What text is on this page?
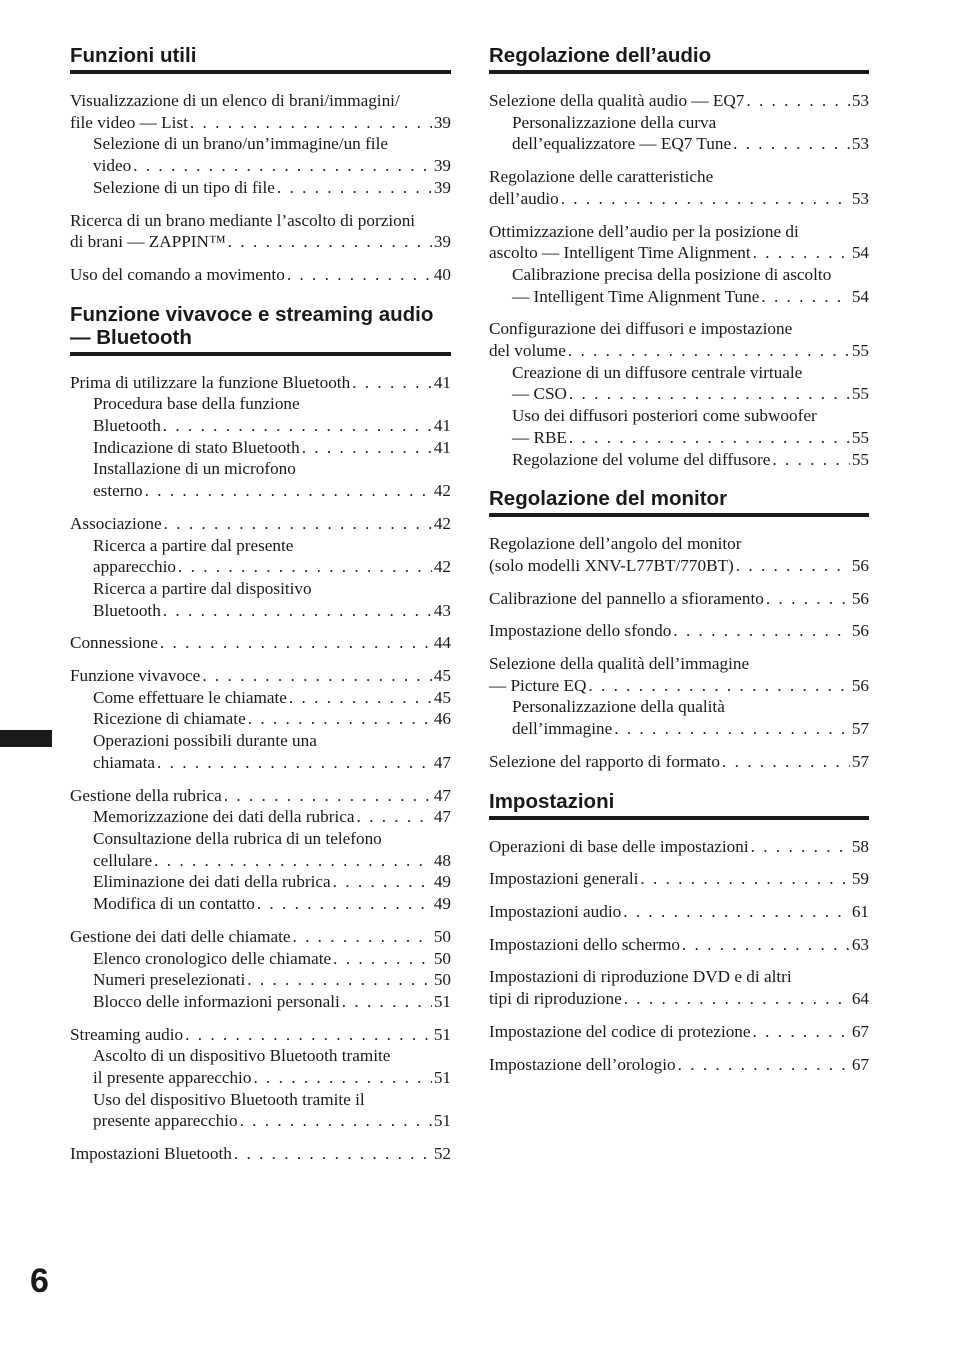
Funzioni utili
Visualizzazione di un elenco di brani/immagini/
file video — List . . .	39
Selezione di un brano/un’immagine/un file
video . . .	39
Selezione di un tipo di file . . .	39
Ricerca di un brano mediante l’ascolto di porzioni
di brani — ZAPPIN™ . . .	39
Uso del comando a movimento . . .	40
Funzione vivavoce e streaming audio — Bluetooth
Prima di utilizzare la funzione Bluetooth . . .	41
Procedura base della funzione
Bluetooth . . .	41
Indicazione di stato Bluetooth . . .	41
Installazione di un microfono
esterno . . .	42
Associazione . . .	42
Ricerca a partire dal presente
apparecchio . . .	42
Ricerca a partire dal dispositivo
Bluetooth . . .	43
Connessione . . .	44
Funzione vivavoce . . .	45
Come effettuare le chiamate . . .	45
Ricezione di chiamate . . .	46
Operazioni possibili durante una
chiamata . . .	47
Gestione della rubrica . . .	47
Memorizzazione dei dati della rubrica . . .	47
Consultazione della rubrica di un telefono
cellulare . . .	48
Eliminazione dei dati della rubrica . . .	49
Modifica di un contatto . . .	49
Gestione dei dati delle chiamate . . .	50
Elenco cronologico delle chiamate . . .	50
Numeri preselezionati . . .	50
Blocco delle informazioni personali . . .	51
Streaming audio . . .	51
Ascolto di un dispositivo Bluetooth tramite
il presente apparecchio . . .	51
Uso del dispositivo Bluetooth tramite il
presente apparecchio . . .	51
Impostazioni Bluetooth . . .	52
Regolazione dell’audio
Selezione della qualità audio — EQ7 . . .	53
Personalizzazione della curva
dell’equalizzatore — EQ7 Tune . . .	53
Regolazione delle caratteristiche
dell’audio . . .	53
Ottimizzazione dell’audio per la posizione di
ascolto — Intelligent Time Alignment . . .	54
Calibrazione precisa della posizione di ascolto
— Intelligent Time Alignment Tune . . .	54
Configurazione dei diffusori e impostazione
del volume . . .	55
Creazione di un diffusore centrale virtuale
— CSO . . .	55
Uso dei diffusori posteriori come subwoofer
— RBE . . .	55
Regolazione del volume del diffusore . . .	55
Regolazione del monitor
Regolazione dell’angolo del monitor
(solo modelli XNV-L77BT/770BT) . . .	56
Calibrazione del pannello a sfioramento . . .	56
Impostazione dello sfondo . . .	56
Selezione della qualità dell’immagine
— Picture EQ . . .	56
Personalizzazione della qualità
dell’immagine . . .	57
Selezione del rapporto di formato . . .	57
Impostazioni
Operazioni di base delle impostazioni . . .	58
Impostazioni generali . . .	59
Impostazioni audio . . .	61
Impostazioni dello schermo . . .	63
Impostazioni di riproduzione DVD e di altri
tipi di riproduzione . . .	64
Impostazione del codice di protezione . . .	67
Impostazione dell’orologio . . .	67
6
